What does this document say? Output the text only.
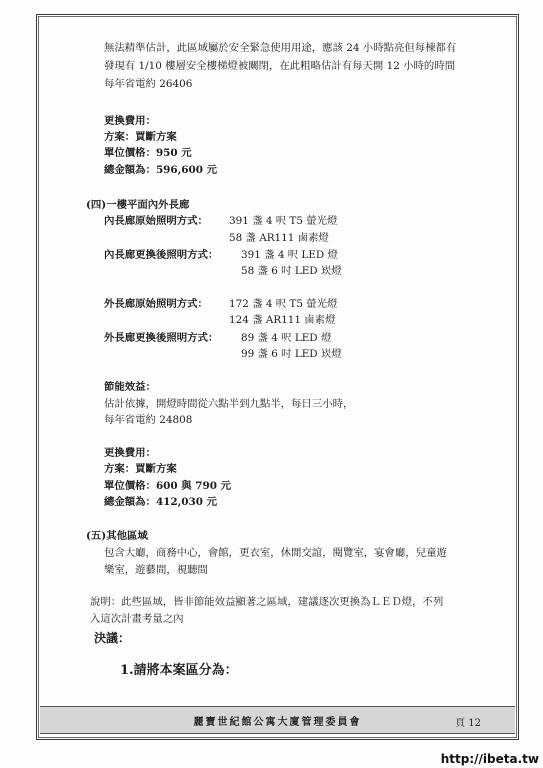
無法精準估計，此區域屬於安全緊急使用用途，應該 24 小時點亮但每棟都有
發現有 1/10 樓層安全樓梯燈被關閉，在此粗略估計有每天開 12 小時的時間
每年省電約 26406
更換費用：
方案：買斷方案
單位價格：950 元
總金額為：596,600 元
(四)一樓平面內外長廊
內長廊原始照明方式： 391 盞 4 呎 T5 螢光燈
58 盞 AR111 鹵素燈
內長廊更換後照明方式： 391 盞 4 呎 LED 燈
58 盞 6 吋 LED 崁燈
外長廊原始照明方式： 172 盞 4 呎 T5 螢光燈
124 盞 AR111 鹵素燈
外長廊更換後照明方式： 89 盞 4 呎 LED 燈
99 盞 6 吋 LED 崁燈
節能效益：
估計依據，開燈時間從六點半到九點半，每日三小時，
每年省電約 24808
更換費用：
方案：買斷方案
單位價格：600 與 790 元
總金額為：412,030 元
(五)其他區域
包含大廳，商務中心，會館，更衣室，休閒交誼，閱覽室，宴會廳，兒童遊
樂室，遊藝間，視聽間
說明：此些區域，皆非節能效益顯著之區域，建議逐次更換為ＬＥＤ燈，不列
入這次計畫考量之內
決議：
1.請將本案區分為：
麗寶世紀館公寓大廈管理委員會	頁 12
http://ibeta.tw
